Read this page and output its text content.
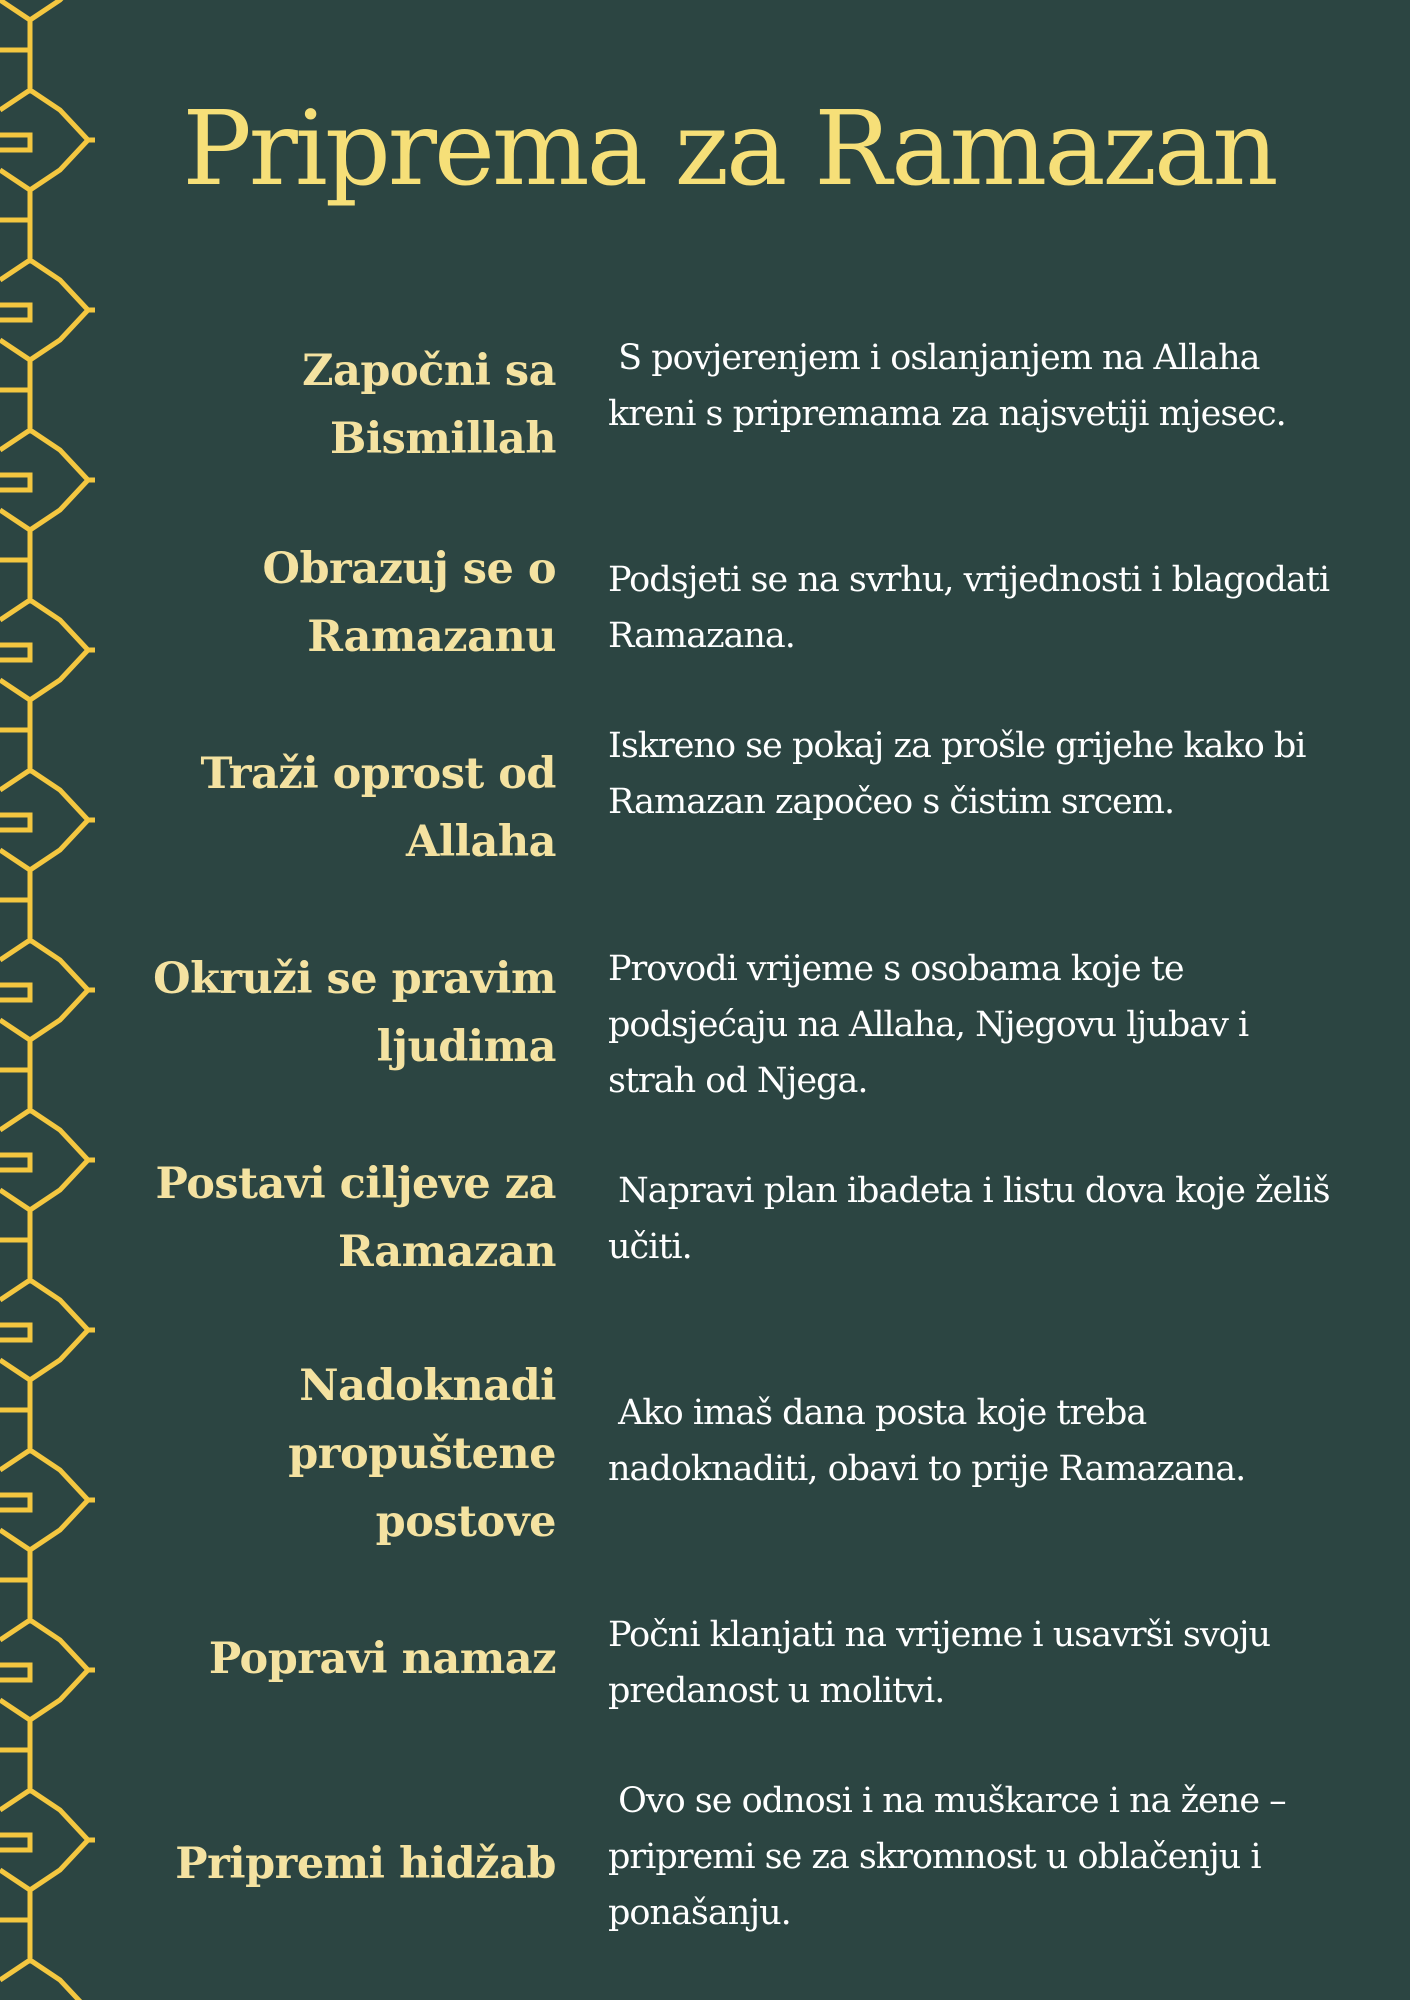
Priprema za Ramazan
Započni sa Bismillah

S povjerenjem i oslanjanjem na Allaha kreni s pripremama za najsvetiji mjesec.

Obrazuj se o Ramazanu

Podsjeti se na svrhu, vrijednosti i blagodati Ramazana.

Traži oprost od Allaha

Iskreno se pokaj za prošle grijehe kako bi Ramazan započeo s čistim srcem.

Okruži se pravim ljudima

Provodi vrijeme s osobama koje te podsjećaju na Allaha, Njegovu ljubav i strah od Njega.

Postavi ciljeve za Ramazan

Napravi plan ibadeta i listu dova koje želiš učiti.

Nadoknadi propuštene postove

Ako imaš dana posta koje treba nadoknaditi, obavi to prije Ramazana.

Popravi namaz Počni klanjati na vrijeme i usavrši svoju predanost u molitvi.

Pripremi hidžab

Ovo se odnosi i na muškarce i na žene – pripremi se za skromnost u oblačenju i ponašanju.
